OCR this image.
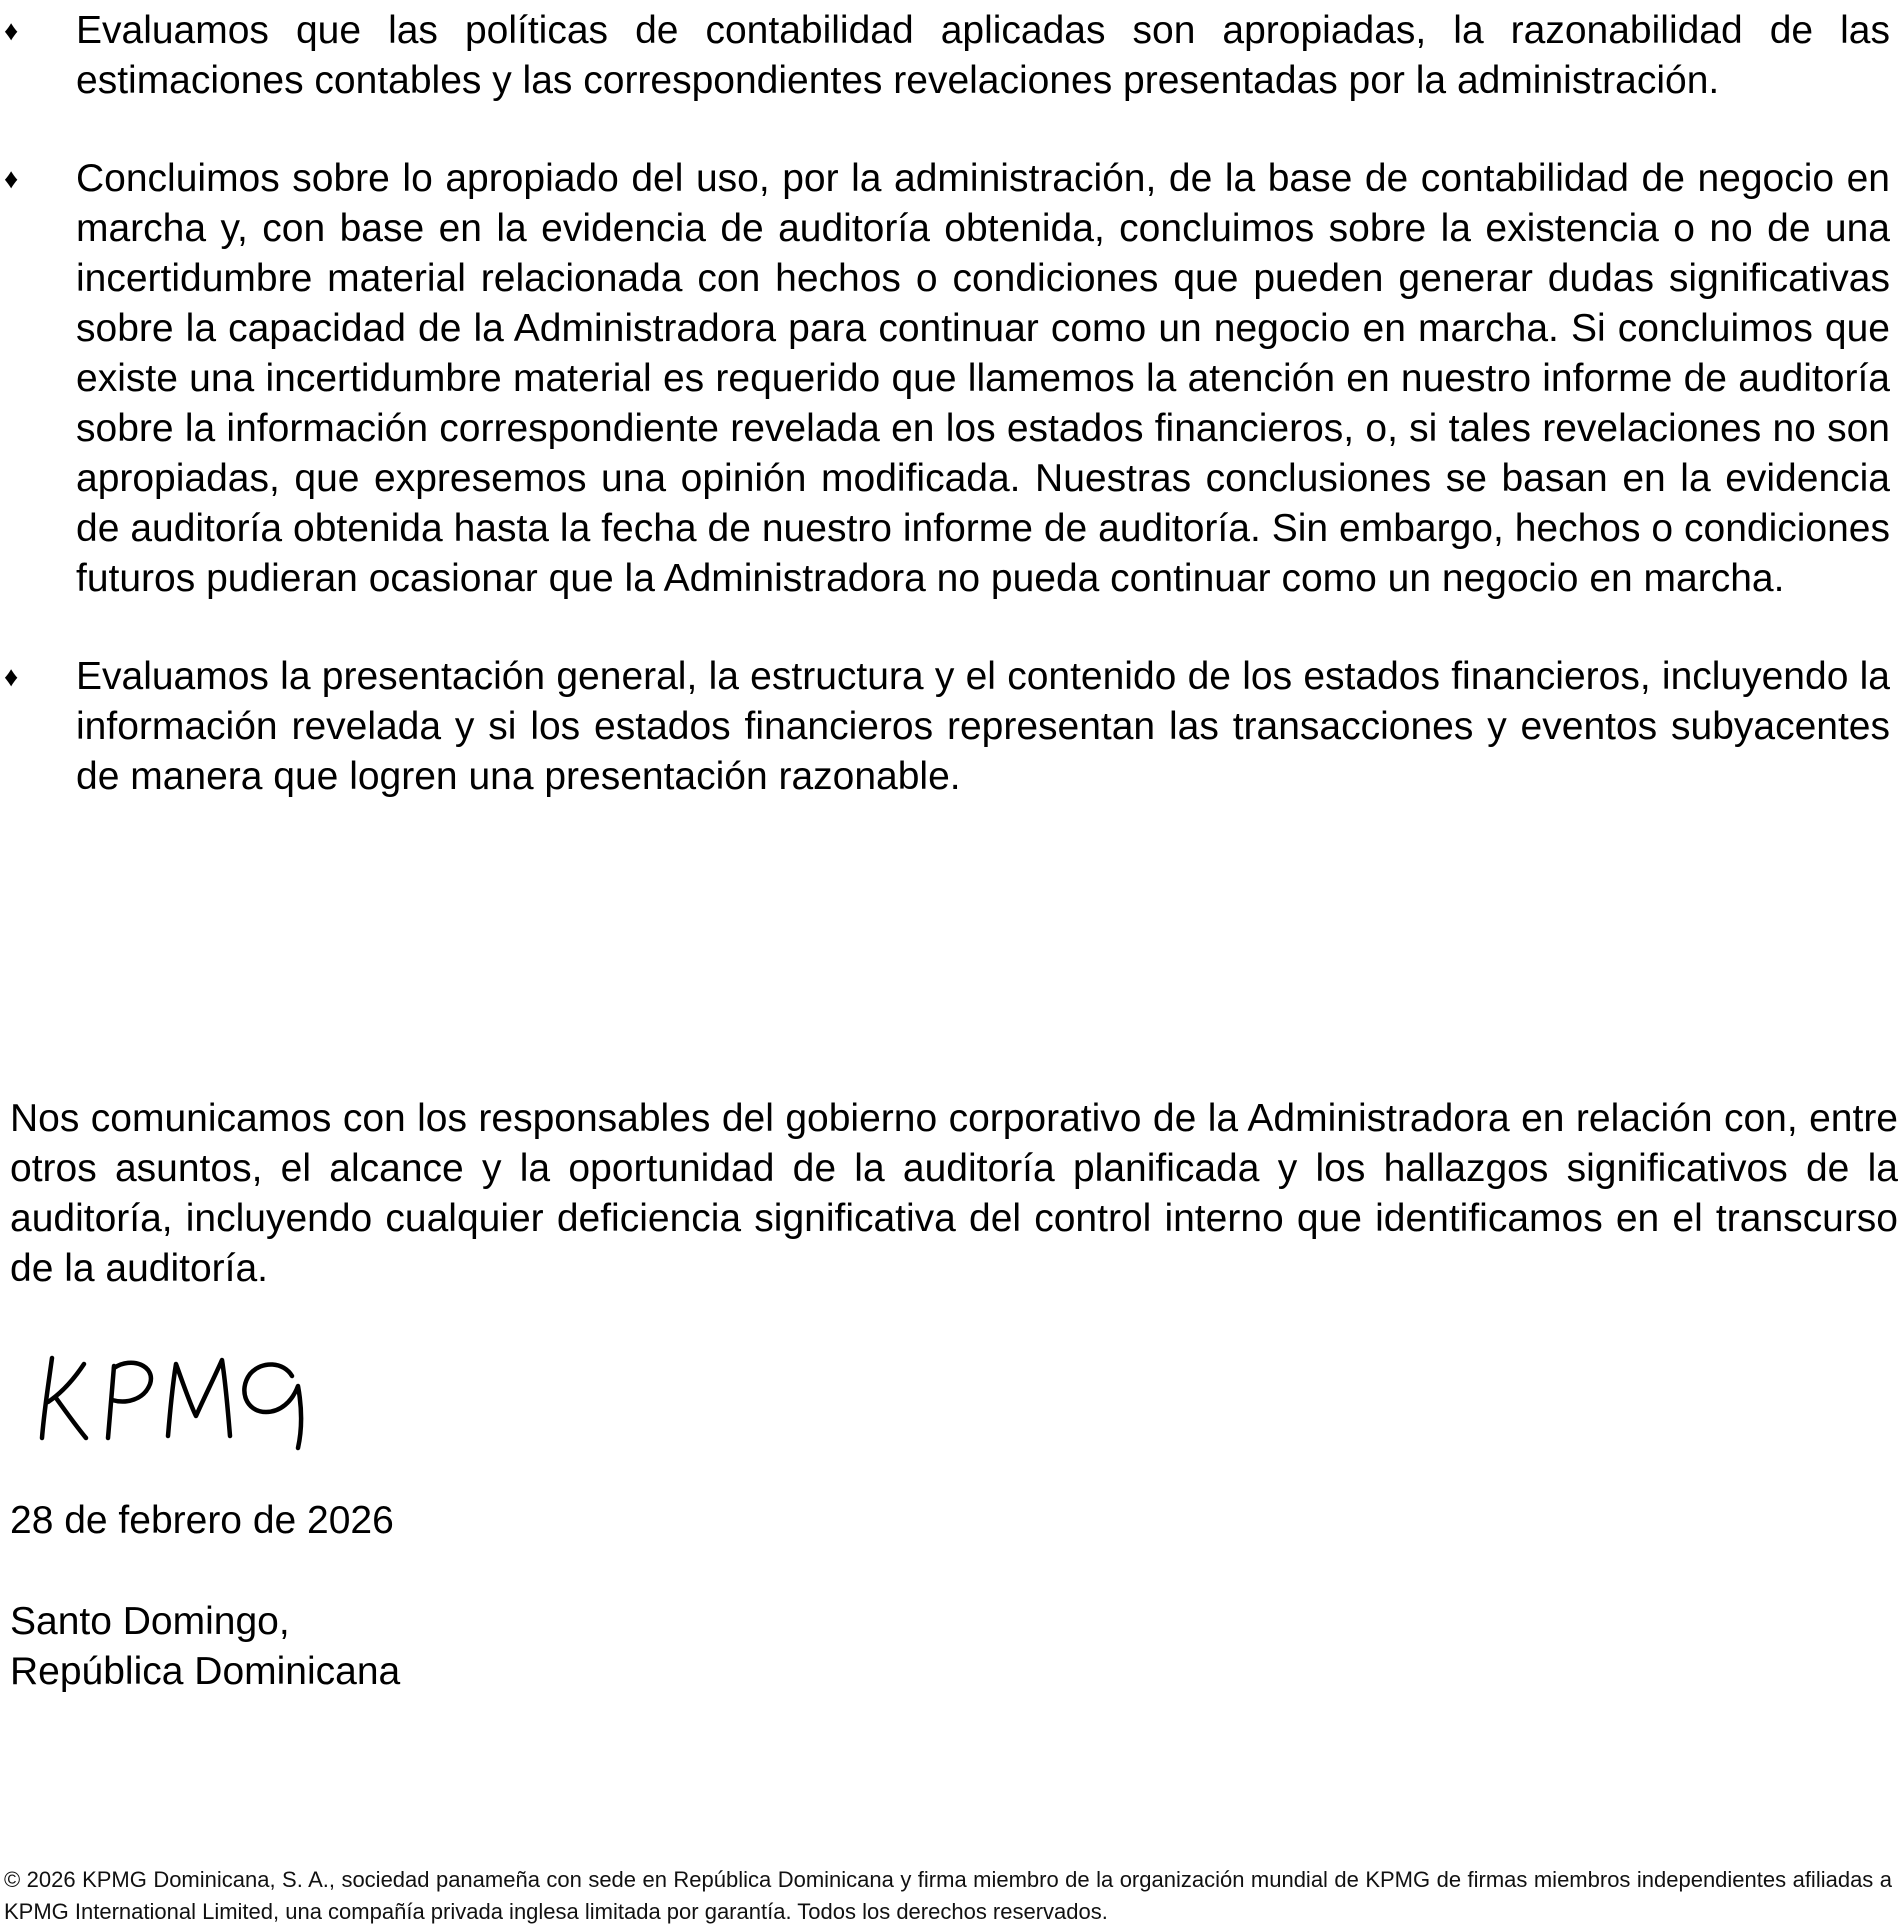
♦ Evaluamos que las políticas de contabilidad aplicadas son apropiadas, la razonabilidad de las estimaciones contables y las correspondientes revelaciones presentadas por la administración.

♦ Concluimos sobre lo apropiado del uso, por la administración, de la base de contabilidad de negocio en marcha y, con base en la evidencia de auditoría obtenida, concluimos sobre la existencia o no de una incertidumbre material relacionada con hechos o condiciones que pueden generar dudas significativas sobre la capacidad de la Administradora para continuar como un negocio en marcha. Si concluimos que existe una incertidumbre material es requerido que llamemos la atención en nuestro informe de auditoría sobre la información correspondiente revelada en los estados financieros, o, si tales revelaciones no son apropiadas, que expresemos una opinión modificada. Nuestras conclusiones se basan en la evidencia de auditoría obtenida hasta la fecha de nuestro informe de auditoría. Sin embargo, hechos o condiciones futuros pudieran ocasionar que la Administradora no pueda continuar como un negocio en marcha.

♦ Evaluamos la presentación general, la estructura y el contenido de los estados financieros, incluyendo la información revelada y si los estados financieros representan las transacciones y eventos subyacentes de manera que logren una presentación razonable.

Nos comunicamos con los responsables del gobierno corporativo de la Administradora en relación con, entre otros asuntos, el alcance y la oportunidad de la auditoría planificada y los hallazgos significativos de la auditoría, incluyendo cualquier deficiencia significativa del control interno que identificamos en el transcurso de la auditoría.

KPMG

28 de febrero de 2026

Santo Domingo,
República Dominicana

© 2026 KPMG Dominicana, S. A., sociedad panameña con sede en República Dominicana y firma miembro de la organización mundial de KPMG de firmas miembros independientes afiliadas a KPMG International Limited, una compañía privada inglesa limitada por garantía. Todos los derechos reservados.
